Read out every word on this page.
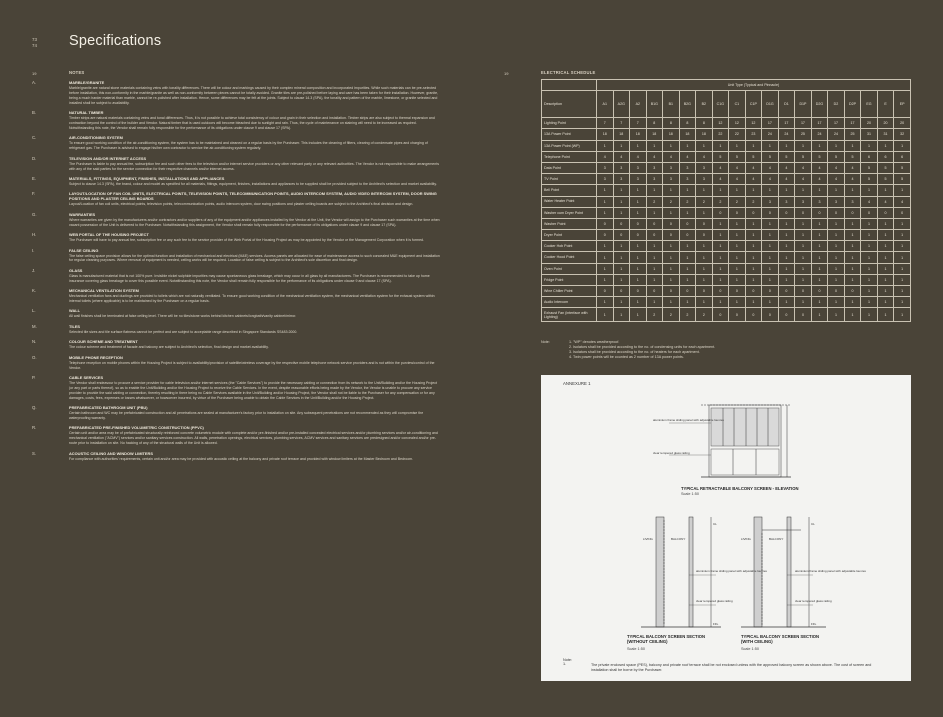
73
74 Specifications
19	NOTES
A.	MARBLE/GRANITE
Marble/granite are natural stone materials containing veins with tonality differences. There will be colour and markings caused by their complex mineral composition and incorporated impurities. While such materials can be pre-selected before installation, this non-conformity in the marble/granite as well as non-conformity between pieces cannot be totally avoided. Granite tiles are pre-polished before laying and care has been taken for their installation. However, granite, being a much harder material than marble, cannot be re-polished after installation. Hence, some differences may be felt at the joints. Subject to clause 14.3 (SPA), the tonality and pattern of the marble, limestone, or granite selected and installed shall be subject to availability.
B.	NATURAL TIMBER
Timber strips are natural materials containing veins and tonal differences. Thus, it is not possible to achieve total consistency of colour and grain in their selection and installation. Timber strips are also subject to thermal expansion and contraction beyond the control of the builder and Vendor. Natural timber that is used outdoors will become bleached due to sunlight and rain. Thus, the cycle of maintenance on staining will need to be increased as required. Notwithstanding this note, the Vendor shall remain fully responsible for the performance of its obligations under clause 9 and clause 17 (SPA).
C.	AIR-CONDITIONING SYSTEM
To ensure good working condition of the air-conditioning system, the system has to be maintained and cleaned on a regular basis by the Purchaser. This includes the cleaning of filters, clearing of condensate pipes and charging of refrigerant gas. The Purchaser is advised to engage his/her own contractor to service the air-conditioning system regularly.
D.	TELEVISION AND/OR INTERNET ACCESS
The Purchaser is liable to pay annual fee, subscription fee and such other fees to the television and/or internet service providers or any other relevant party or any relevant authorities. The Vendor is not responsible to make arrangements with any of the said parties for the service connection for their respective channels and/or internet access.
E.	MATERIALS, FITTINGS, EQUIPMENT, FINISHES, INSTALLATIONS AND APPLIANCES
Subject to clause 14.3 (SPA), the brand, colour and model as specified for all materials, fittings, equipment, finishes, installations and appliances to be supplied shall be provided subject to the Architect's selection and market availability.
F.	LAYOUT/LOCATION OF FAN COIL UNITS, ELECTRICAL POINTS, TELEVISION POINTS, TELECOMMUNICATION POINTS, AUDIO INTERCOM SYSTEM, AUDIO VIDEO INTERCOM SYSTEM, DOOR SWING POSITIONS AND PLASTER CEILING BOARDS
Layout/Location of fan coil units, electrical points, television points, telecommunication points, audio intercom system, door swing positions and plaster ceiling boards are subject to the Architect's final decision and design.
G.	WARRANTIES
Where warranties are given by the manufacturers and/or contractors and/or suppliers of any of the equipment and/or appliances installed by the Vendor at the Unit, the Vendor will assign to the Purchaser such warranties at the time when vacant possession of the Unit is delivered to the Purchaser. Notwithstanding this assignment, the Vendor shall remain fully responsible for the performance of its obligations under clause 9 and clause 17 (SPA).
H.	WEB PORTAL OF THE HOUSING PROJECT
The Purchaser will have to pay annual fee, subscription fee or any such fee to the service provider of the Web Portal of the Housing Project as may be appointed by the Vendor or the Management Corporation when it is formed.
I.	FALSE CEILING
The false ceiling space provision allows for the optimal function and installation of mechanical and electrical (M&E) services. Access panels are allocated for ease of maintenance access to such concealed M&E equipment and installation for regular cleaning purposes. Where removal of equipment is needed, ceiling works will be required. Location of false ceiling is subject to the Architect's sole discretion and final design.
J.	GLASS
Glass is manufactured material that is not 100% pure. Invisible nickel sulphide impurities may cause spontaneous glass breakage, which may occur in all glass by all manufacturers. The Purchaser is recommended to take up home insurance covering glass breakage to cover this possible event. Notwithstanding this note, the Vendor shall remain fully responsible for the performance of its obligations under clause 9 and clause 17 (SPA).
K.	MECHANICAL VENTILATION SYSTEM
Mechanical ventilation fans and ductings are provided to toilets which are not naturally ventilated. To ensure good working condition of the mechanical ventilation system, the mechanical ventilation system for the exhaust system within internal toilets (where applicable) is to be maintained by the Purchaser on a regular basis.
L.	WALL
All wall finishes shall be terminated at false ceiling level. There will be no tiles/stone works behind kitchen cabinets/longbath/vanity cabinet/mirror.
M.	TILES
Selected tile sizes and tile surface flatness cannot be perfect and are subject to acceptable range described in Singapore Standards SS483:2000.
N.	COLOUR SCHEME AND TREATMENT
The colour scheme and treatment of facade and balcony are subject to Architect's selection, final design and market availability.
O.	MOBILE PHONE RECEPTION
Telephone reception on mobile phones within the Housing Project is subject to availability/provision of satellite/wireless coverage by the respective mobile telephone network service providers and is not within the purview/control of the Vendor.
P.	CABLE SERVICES
The Vendor shall endeavour to procure a service provider for cable television and/or internet services (the "Cable Services") to provide the necessary cabling or connection from its network to the Unit/Building and/or the Housing Project (or any part or parts thereof), so as to enable the Unit/Building and/or the Housing Project to receive the Cable Services. In the event, despite reasonable efforts being made by the Vendor, the Vendor is unable to procure any service provider to provide the said cabling or connection, thereby resulting in there being no Cable Services available in the Unit/Building and/or Housing Project, the Vendor shall not be liable to the Purchaser for any compensation or for any damages, costs, fees, expenses or losses whatsoever, or howsoever incurred, by virtue of the Purchaser being unable to obtain the Cable Services in the Unit/Building and/or the Housing Project.
Q.	PREFABRICATED BATHROOM UNIT (PBU)
Certain bathroom and WC may be prefabricated construction and all penetrations are sealed at manufacturer's factory prior to installation on site. Any subsequent penetrations are not recommended as they will compromise the waterproofing warranty.
R.	PREFABRICATED PRE-FINISHED VOLUMETRIC CONSTRUCTION (PPVC)
Certain unit and/or area may be of prefabricated structurally reinforced concrete volumetric module with complete and/or pre-finished and/or pre-installed concealed electrical services and/or plumbing services and/or air-conditioning and mechanical ventilation ("ACMV") services and/or sanitary services construction. All walls, penetration openings, electrical services, plumbing services, ACMV services and sanitary services are predesigned and/or concealed and/or pre-route prior to installation on site. No hacking of any of the structural walls of the Unit is allowed.
S.	ACOUSTIC CEILING AND WINDOW LIMITERS
For compliance with authorities' requirements, certain unit and/or area may be provided with acoustic ceiling at the balcony and private roof terrace and provided with window limiters at the Master Bedroom and Bedroom.
19	ELECTRICAL SCHEDULE
	Unit Type (Typical and Pinnacle)																		
Description	A1	A2G	A2	B1G	B1	B2G	B2	C1G	C1	C1P	D1G	D1	D1P	D2G	D2	D2P	EG	E	EP
Lighting Point	7	7	7	8	8	8	8	12	12	12	17	17	17	17	17	17	20	20	20
13A Power Point	18	18	18	18	18	18	18	22	22	23	24	24	25	24	24	25	31	31	32
13A Power Point (WP)	1	1	1	1	1	1	1	1	1	1	1	1	1	1	1	1	1	1	1
Telephone Point	4	4	4	4	4	4	4	5	5	5	5	5	5	5	5	5	6	6	6
Data Point	3	3	3	3	3	3	3	4	4	4	4	4	4	4	4	4	5	5	5
TV Point	3	3	3	3	3	3	3	4	4	4	4	4	4	4	4	4	5	5	5
Bell Point	1	1	1	1	1	1	1	1	1	1	1	1	1	1	1	1	1	1	1
Water Heater Point	1	1	1	2	2	2	2	2	2	2	3	3	3	3	3	3	4	4	4
Washer cum Dryer Point	1	1	1	1	1	1	1	0	0	0	0	0	0	0	0	0	0	0	0
Washer Point	0	0	0	0	0	0	0	1	1	1	1	1	1	1	1	1	1	1	1
Dryer Point	0	0	0	0	0	0	0	1	1	1	1	1	1	1	1	1	1	1	1
Cooker Hob Point	1	1	1	1	1	1	1	1	1	1	1	1	1	1	1	1	1	1	1
Cooker Hood Point	1	1	1	1	1	1	1	1	1	1	1	1	1	1	1	1	1	1	1
Oven Point	1	1	1	1	1	1	1	1	1	1	1	1	1	1	1	1	1	1	1
Fridge Point	1	1	1	1	1	1	1	1	1	1	1	1	1	1	1	1	1	1	1
Wine Chiller Point	0	0	0	0	0	0	0	0	0	0	0	0	0	0	0	0	1	1	1
Audio Intercom	1	1	1	1	1	1	1	1	1	1	1	1	1	1	1	1	1	1	1
Exhaust Fan (interface with Lighting)	1	1	1	2	2	2	2	0	0	0	0	0	0	1	1	1	1	1	1
Note:	1. "WP" denotes weatherproof.
2. Isolators shall be provided according to the no. of condensing units for each apartment.
3. Isolators shall be provided according to the no. of heaters for each apartment.
4. Twin power points will be counted as 2 number of 13A power points.
ANNEXURE 1
aluminium frame sliding panel with adjustable louvres
clear tempered glass railing
BALCONY
LIVING
aluminium frame sliding panel with adjustable louvres
clear tempered glass railing
BALCONY
LIVING
aluminium frame sliding panel with adjustable louvres
clear tempered glass railing
CL
FFL
CL
FFL
TYPICAL RETRACTABLE BALCONY SCREEN - ELEVATION
Scale 1:50
TYPICAL BALCONY SCREEN SECTION (WITHOUT CEILING)
Scale 1:50
TYPICAL BALCONY SCREEN SECTION (WITH CEILING)
Scale 1:50
Note:
1.	The private enclosed space (PES), balcony and private roof terrace shall be not enclosed unless with the approved balcony screen as shown above. The cost of screen and installation shall be borne by the Purchaser.
